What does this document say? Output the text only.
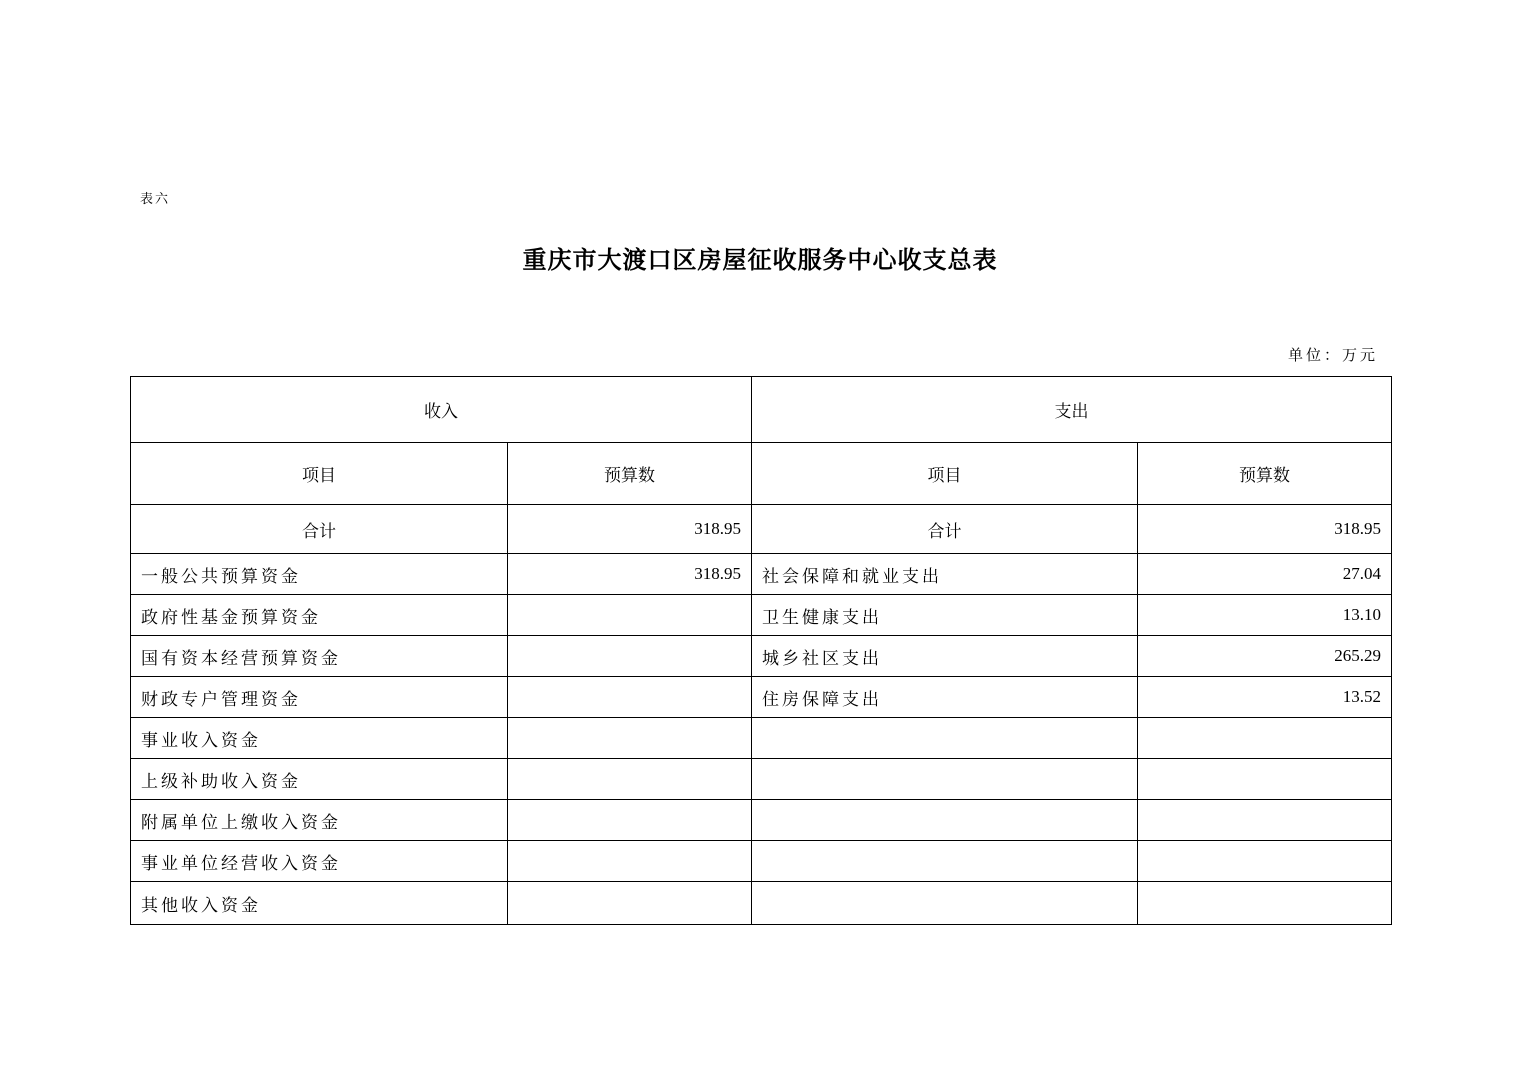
表六
重庆市大渡口区房屋征收服务中心收支总表
单位：万元
收入		支出	
项目	预算数	项目	预算数
合计	318.95	合计	318.95
一般公共预算资金	318.95	社会保障和就业支出	27.04
政府性基金预算资金		卫生健康支出	13.10
国有资本经营预算资金		城乡社区支出	265.29
财政专户管理资金		住房保障支出	13.52
事业收入资金			
上级补助收入资金			
附属单位上缴收入资金			
事业单位经营收入资金			
其他收入资金			
